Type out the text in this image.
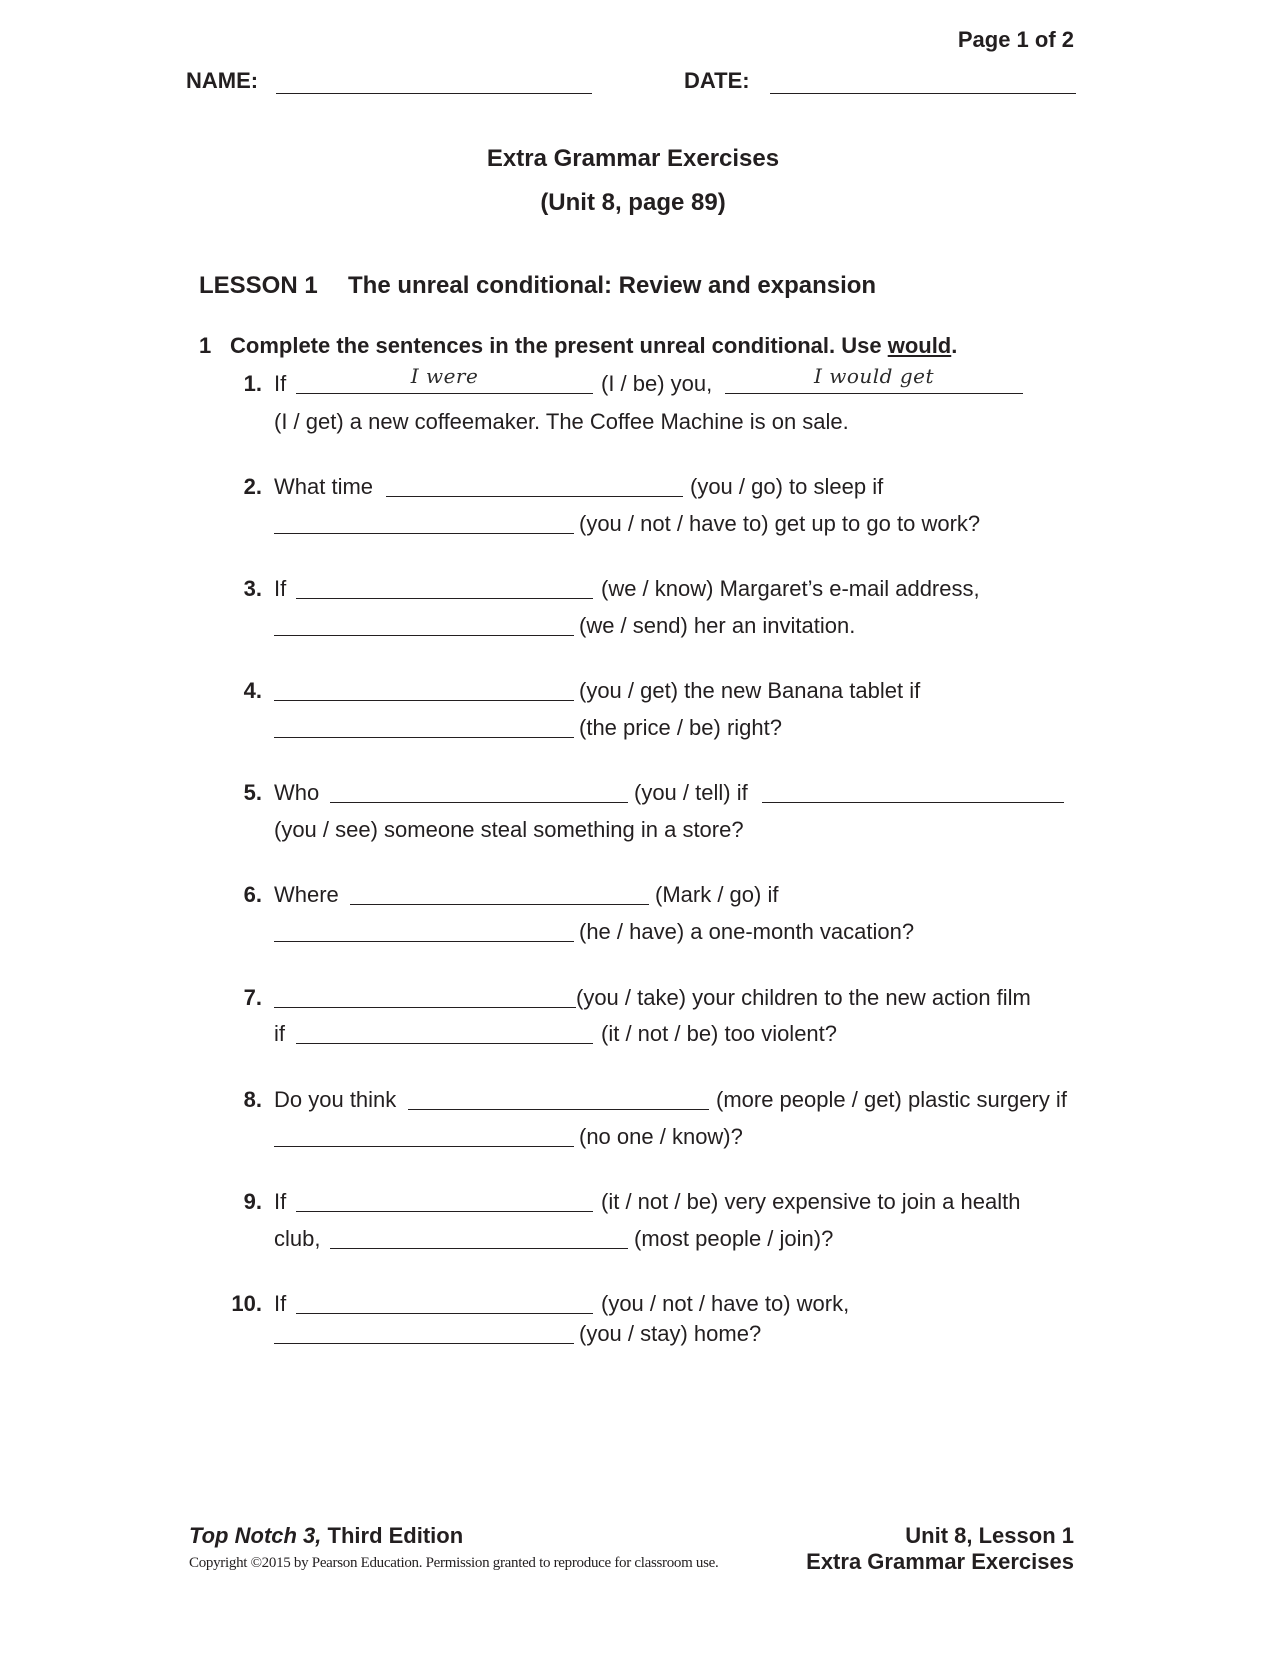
Page 1 of 2
NAME:	DATE:
Extra Grammar Exercises
(Unit 8, page 89)
LESSON 1 The unreal conditional: Review and expansion
1 Complete the sentences in the present unreal conditional. Use would.
1. If	I were	(I / be) you,	I would get
(I / get) a new coffeemaker. The Coffee Machine is on sale.
2. What time	(you / go) to sleep if
(you / not / have to) get up to go to work?
3. If	(we / know) Margaret’s e-mail address,
(we / send) her an invitation.
4.	(you / get) the new Banana tablet if
(the price / be) right?
5. Who	(you / tell) if
(you / see) someone steal something in a store?
6. Where	(Mark / go) if
(he / have) a one-month vacation?
7.	(you / take) your children to the new action film
if	(it / not / be) too violent?
8. Do you think	(more people / get) plastic surgery if
(no one / know)?
9. If	(it / not / be) very expensive to join a health
club,	(most people / join)?
10. If	(you / not / have to) work,
(you / stay) home?
Top Notch 3, Third Edition
Copyright ©2015 by Pearson Education. Permission granted to reproduce for classroom use.
Unit 8, Lesson 1
Extra Grammar Exercises
